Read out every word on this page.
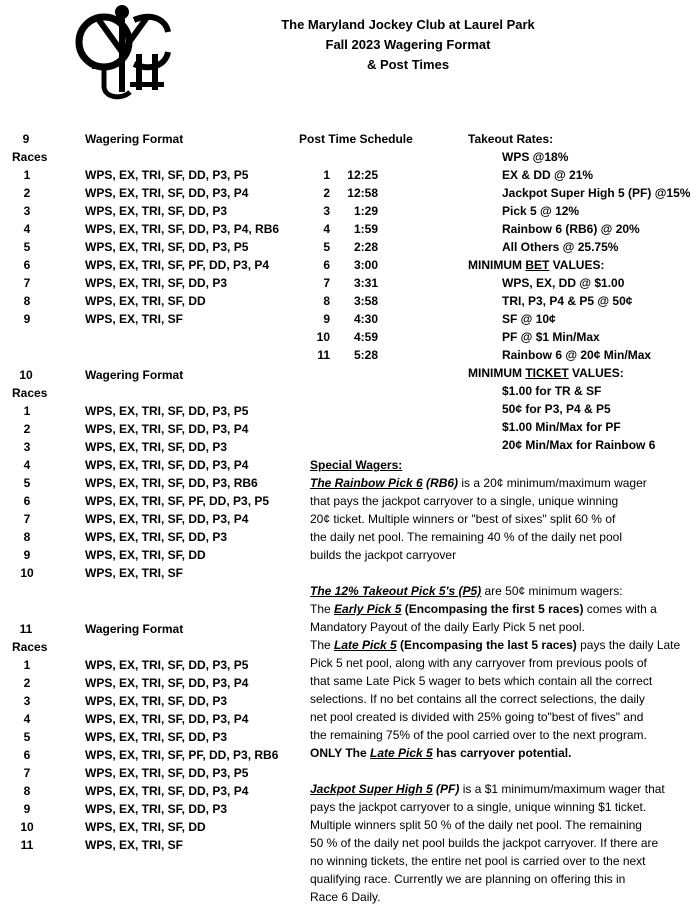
The Maryland Jockey Club at Laurel Park
Fall 2023 Wagering Format
& Post Times
9	Wagering Format
Races
1	WPS, EX, TRI, SF, DD, P3, P5
2	WPS, EX, TRI, SF, DD, P3, P4
3	WPS, EX, TRI, SF, DD, P3
4	WPS, EX, TRI, SF, DD, P3, P4, RB6
5	WPS, EX, TRI, SF, DD, P3, P5
6	WPS, EX, TRI, SF, PF, DD, P3, P4
7	WPS, EX, TRI, SF, DD, P3
8	WPS, EX, TRI, SF, DD
9	WPS, EX, TRI, SF
10	Wagering Format
Races
1	WPS, EX, TRI, SF, DD, P3, P5
2	WPS, EX, TRI, SF, DD, P3, P4
3	WPS, EX, TRI, SF, DD, P3
4	WPS, EX, TRI, SF, DD, P3, P4
5	WPS, EX, TRI, SF, DD, P3, RB6
6	WPS, EX, TRI, SF, PF, DD, P3, P5
7	WPS, EX, TRI, SF, DD, P3, P4
8	WPS, EX, TRI, SF, DD, P3
9	WPS, EX, TRI, SF, DD
10	WPS, EX, TRI, SF
11	Wagering Format
Races
1	WPS, EX, TRI, SF, DD, P3, P5
2	WPS, EX, TRI, SF, DD, P3, P4
3	WPS, EX, TRI, SF, DD, P3
4	WPS, EX, TRI, SF, DD, P3, P4
5	WPS, EX, TRI, SF, DD, P3
6	WPS, EX, TRI, SF, PF, DD, P3, RB6
7	WPS, EX, TRI, SF, DD, P3, P5
8	WPS, EX, TRI, SF, DD, P3, P4
9	WPS, EX, TRI, SF, DD, P3
10	WPS, EX, TRI, SF, DD
11	WPS, EX, TRI, SF
Post Time Schedule
1	12:25
2	12:58
3	1:29
4	1:59
5	2:28
6	3:00
7	3:31
8	3:58
9	4:30
10	4:59
11	5:28
Takeout Rates:
WPS @18%
EX & DD @ 21%
Jackpot Super High 5 (PF) @15%
Pick 5 @ 12%
Rainbow 6 (RB6) @ 20%
All Others @ 25.75%
MINIMUM BET VALUES:
WPS, EX, DD @ $1.00
TRI, P3, P4 & P5 @ 50¢
SF @ 10¢
PF @ $1 Min/Max
Rainbow 6 @ 20¢ Min/Max
MINIMUM TICKET VALUES:
$1.00 for TR & SF
50¢ for P3, P4 & P5
$1.00 Min/Max for PF
20¢ Min/Max for Rainbow 6
Special Wagers:
The Rainbow Pick 6 (RB6) is a 20¢ minimum/maximum wager
that pays the jackpot carryover to a single, unique winning
20¢ ticket. Multiple winners or "best of sixes" split 60 % of
the daily net pool. The remaining 40 % of the daily net pool
builds the jackpot carryover
The 12% Takeout Pick 5's (P5) are 50¢ minimum wagers:
The Early Pick 5 (Encompasing the first 5 races) comes with a
Mandatory Payout of the daily Early Pick 5 net pool.
The Late Pick 5 (Encompasing the last 5 races) pays the daily Late
Pick 5 net pool, along with any carryover from previous pools of
that same Late Pick 5 wager to bets which contain all the correct
selections. If no bet contains all the correct selections, the daily
net pool created is divided with 25% going to"best of fives" and
the remaining 75% of the pool carried over to the next program.
ONLY The Late Pick 5 has carryover potential.
Jackpot Super High 5 (PF) is a $1 minimum/maximum wager that
pays the jackpot carryover to a single, unique winning $1 ticket.
Multiple winners split 50 % of the daily net pool. The remaining
50 % of the daily net pool builds the jackpot carryover. If there are
no winning tickets, the entire net pool is carried over to the next
qualifying race. Currently we are planning on offering this in
Race 6 Daily.
